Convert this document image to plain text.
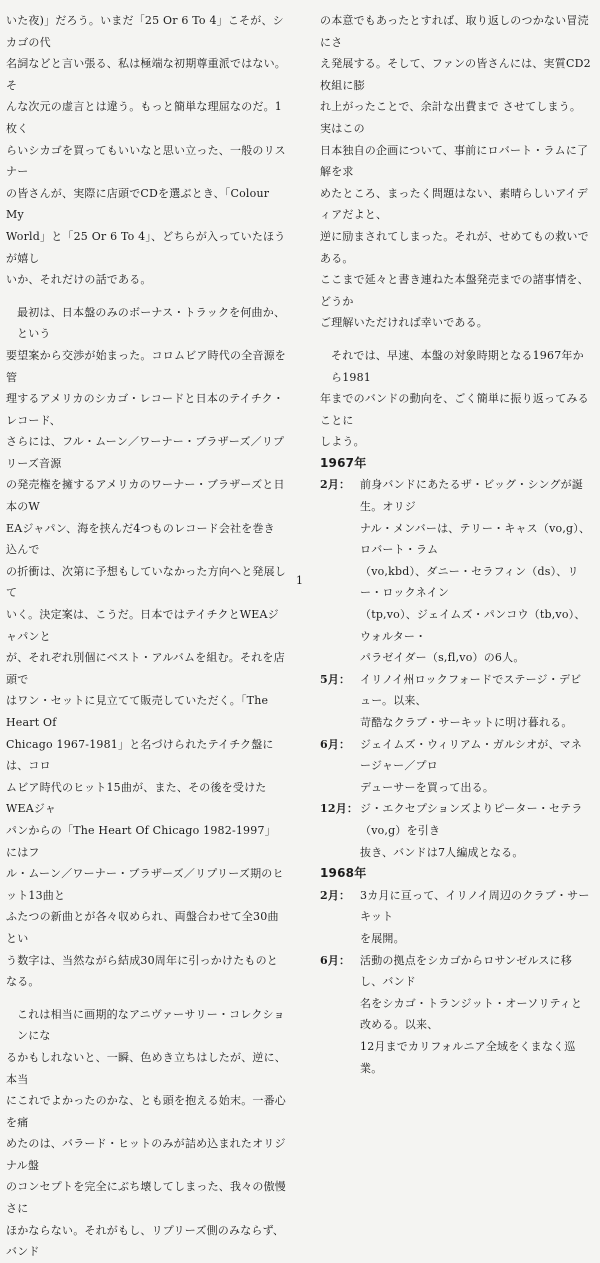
いた夜)」だろう。いまだ「25 Or 6 To 4」こそが、シカゴの代
名詞などと言い張る、私は極端な初期尊重派ではない。そ
んな次元の虚言とは違う。もっと簡単な理屈なのだ。1枚く
らいシカゴを買ってもいいなと思い立った、一般のリスナー
の皆さんが、実際に店頭でCDを選ぶとき、「Colour My
World」と「25 Or 6 To 4」、どちらが入っていたほうが嬉し
いか、それだけの話である。
最初は、日本盤のみのボーナス・トラックを何曲か、という
要望案から交渉が始まった。コロムビア時代の全音源を管
理するアメリカのシカゴ・レコードと日本のテイチク・レコード、
さらには、フル・ムーン／ワーナー・ブラザーズ／リプリーズ音源
の発売権を擁するアメリカのワーナー・ブラザーズと日本のW
EAジャパン、海を挟んだ4つものレコード会社を巻き込んで
の折衝は、次第に予想もしていなかった方向へと発展して
いく。決定案は、こうだ。日本ではテイチクとWEAジャパンと
が、それぞれ別個にベスト・アルバムを組む。それを店頭で
はワン・セットに見立てて販売していただく。「The Heart Of
Chicago 1967-1981」と名づけられたテイチク盤には、コロ
ムビア時代のヒット15曲が、また、その後を受けたWEAジャ
パンからの「The Heart Of Chicago 1982-1997」にはフ
ル・ムーン／ワーナー・ブラザーズ／リプリーズ期のヒット13曲と
ふたつの新曲とが各々収められ、両盤合わせて全30曲とい
う数字は、当然ながら結成30周年に引っかけたものとなる。
これは相当に画期的なアニヴァーサリー・コレクションにな
るかもしれないと、一瞬、色めき立ちはしたが、逆に、本当
にこれでよかったのかな、とも頭を抱える始末。一番心を痛
めたのは、バラード・ヒットのみが詰め込まれたオリジナル盤
のコンセプトを完全にぶち壊してしまった、我々の傲慢さに
ほかならない。それがもし、リプリーズ側のみならず、バンド
の本意でもあったとすれば、取り返しのつかない冒涜にさ
え発展する。そして、ファンの皆さんには、実質CD2枚組に膨
れ上がったことで、余計な出費まで させてしまう。実はこの
日本独自の企画について、事前にロバート・ラムに了解を求
めたところ、まったく問題はない、素晴らしいアイディアだよと、
逆に励まされてしまった。それが、せめてもの救いである。
ここまで延々と書き連ねた本盤発売までの諸事情を、どうか
ご理解いただければ幸いである。
それでは、早速、本盤の対象時期となる1967年から1981
年までのバンドの動向を、ごく簡単に振り返ってみることに
しよう。
1967年
2月： 前身バンドにあたるザ・ビッグ・シングが誕生。オリジ
ナル・メンバーは、テリー・キャス（vo,g）、ロバート・ラム
（vo,kbd）、ダニー・セラフィン（ds）、リー・ロックネイン
（tp,vo）、ジェイムズ・パンコウ（tb,vo）、ウォルター・
パラゼイダー（s,fl,vo）の6人。
5月： イリノイ州ロックフォードでステージ・デビュー。以来、
苛酷なクラブ・サーキットに明け暮れる。
6月： ジェイムズ・ウィリアム・ガルシオが、マネージャー／プロ
デューサーを買って出る。
12月： ジ・エクセプションズよりピーター・セテラ（vo,g）を引き
抜き、バンドは7人編成となる。
1968年
2月： 3カ月に亘って、イリノイ周辺のクラブ・サーキット
を展開。
6月： 活動の拠点をシカゴからロサンゼルスに移し、バンド
名をシカゴ・トランジット・オーソリティと改める。以来、
12月までカリフォルニア全域をくまなく巡業。
1
